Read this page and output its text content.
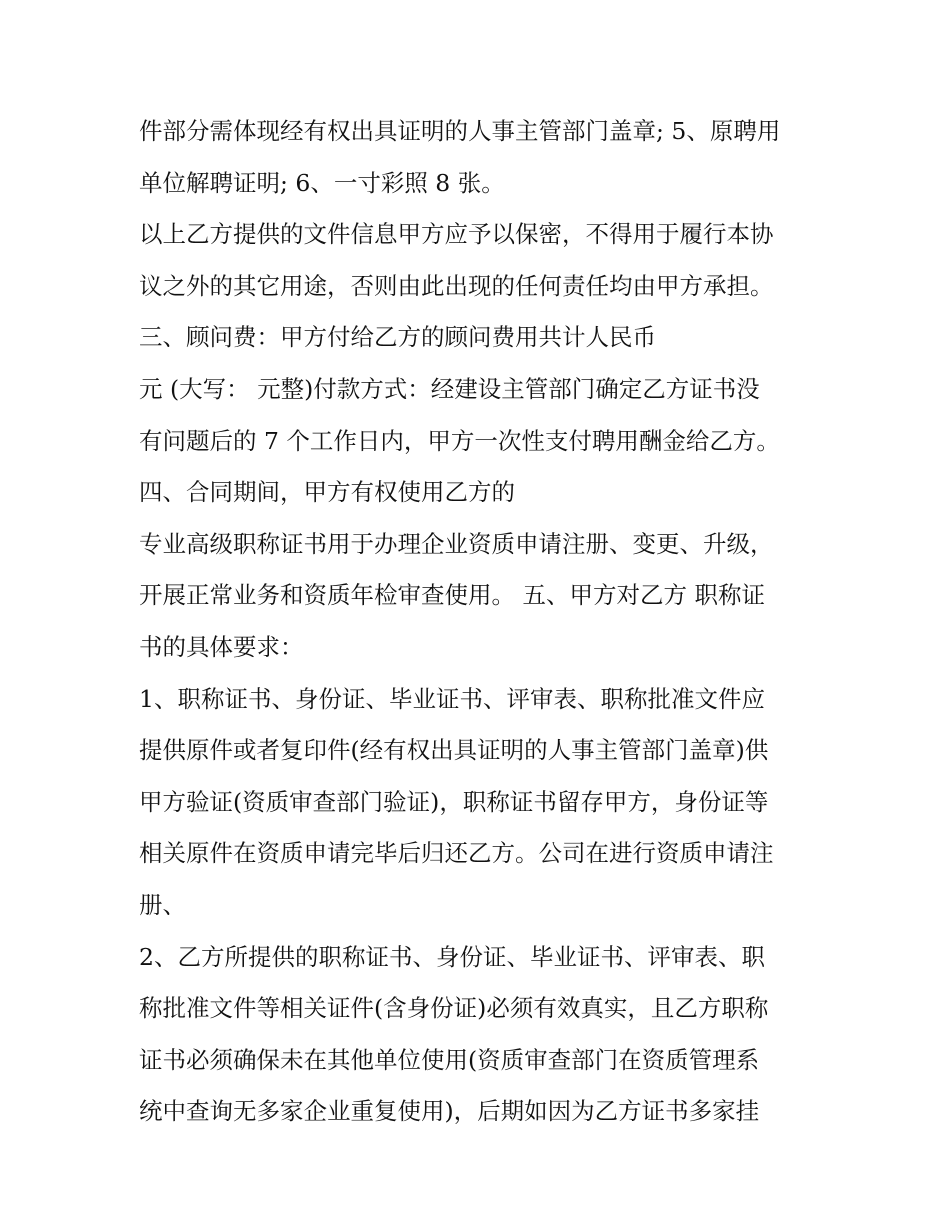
件部分需体现经有权出具证明的人事主管部门盖章; 5、原聘用
单位解聘证明; 6、一寸彩照 8 张。
以上乙方提供的文件信息甲方应予以保密，不得用于履行本协
议之外的其它用途，否则由此出现的任何责任均由甲方承担。
三、顾问费：甲方付给乙方的顾问费用共计人民币
元 (大写： 元整)付款方式：经建设主管部门确定乙方证书没
有问题后的 7 个工作日内，甲方一次性支付聘用酬金给乙方。
四、合同期间，甲方有权使用乙方的
专业高级职称证书用于办理企业资质申请注册、变更、升级，
开展正常业务和资质年检审查使用。 五、甲方对乙方 职称证
书的具体要求：
1、职称证书、身份证、毕业证书、评审表、职称批准文件应
提供原件或者复印件(经有权出具证明的人事主管部门盖章)供
甲方验证(资质审查部门验证)，职称证书留存甲方，身份证等
相关原件在资质申请完毕后归还乙方。公司在进行资质申请注
册、
2、乙方所提供的职称证书、身份证、毕业证书、评审表、职
称批准文件等相关证件(含身份证)必须有效真实，且乙方职称
证书必须确保未在其他单位使用(资质审查部门在资质管理系
统中查询无多家企业重复使用)，后期如因为乙方证书多家挂
